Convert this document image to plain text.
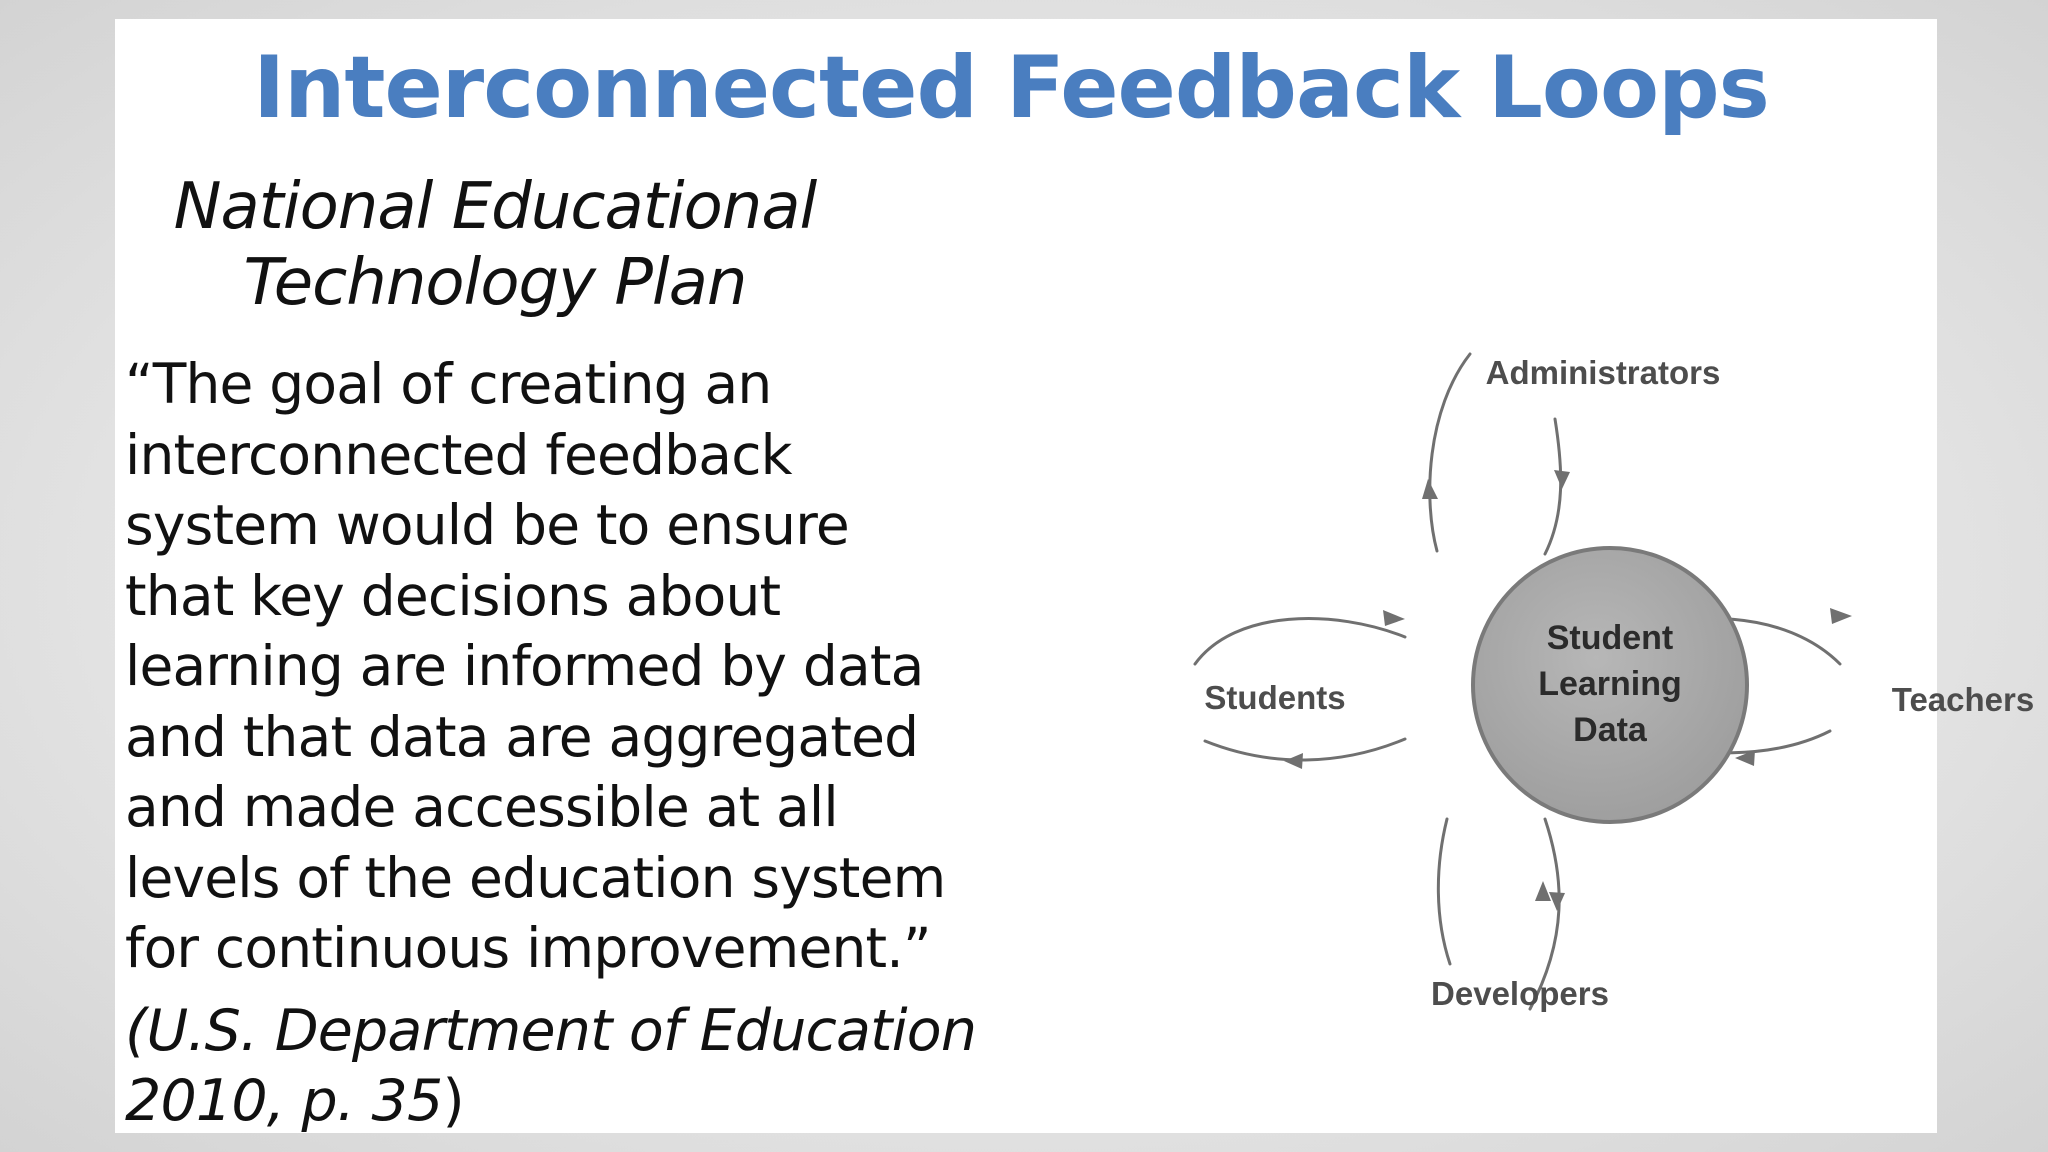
Interconnected Feedback Loops
National Educational
Technology Plan
“The goal of creating an
interconnected feedback
system would be to ensure
that key decisions about
learning are informed by data
and that data are aggregated
and made accessible at all
levels of the education system
for continuous improvement.”
(U.S. Department of Education
2010, p. 35)
Student
Learning
Data
Administrators
Students	Teachers
Developers
